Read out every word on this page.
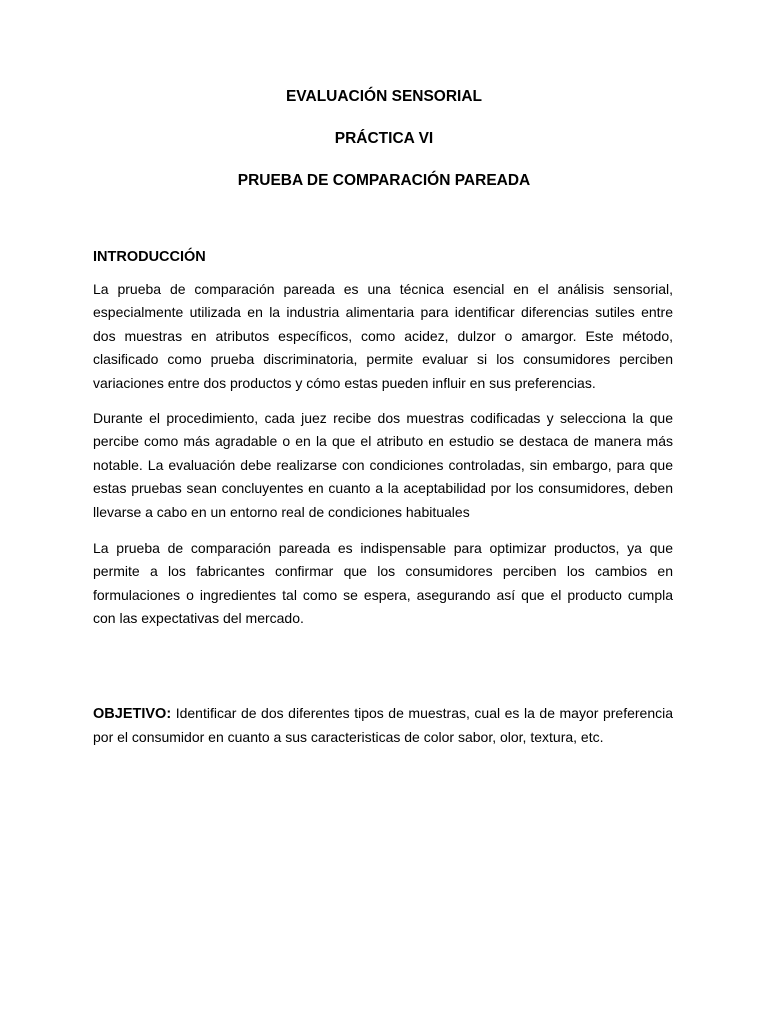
EVALUACIÓN SENSORIAL
PRÁCTICA VI
PRUEBA DE COMPARACIÓN PAREADA
INTRODUCCIÓN

La prueba de comparación pareada es una técnica esencial en el análisis sensorial, especialmente utilizada en la industria alimentaria para identificar diferencias sutiles entre dos muestras en atributos específicos, como acidez, dulzor o amargor. Este método, clasificado como prueba discriminatoria, permite evaluar si los consumidores perciben variaciones entre dos productos y cómo estas pueden influir en sus preferencias.

Durante el procedimiento, cada juez recibe dos muestras codificadas y selecciona la que percibe como más agradable o en la que el atributo en estudio se destaca de manera más notable. La evaluación debe realizarse con condiciones controladas, sin embargo, para que estas pruebas sean concluyentes en cuanto a la aceptabilidad por los consumidores, deben llevarse a cabo en un entorno real de condiciones habituales

La prueba de comparación pareada es indispensable para optimizar productos, ya que permite a los fabricantes confirmar que los consumidores perciben los cambios en formulaciones o ingredientes tal como se espera, asegurando así que el producto cumpla con las expectativas del mercado.

OBJETIVO: Identificar de dos diferentes tipos de muestras, cual es la de mayor preferencia por el consumidor en cuanto a sus caracteristicas de color sabor, olor, textura, etc.
